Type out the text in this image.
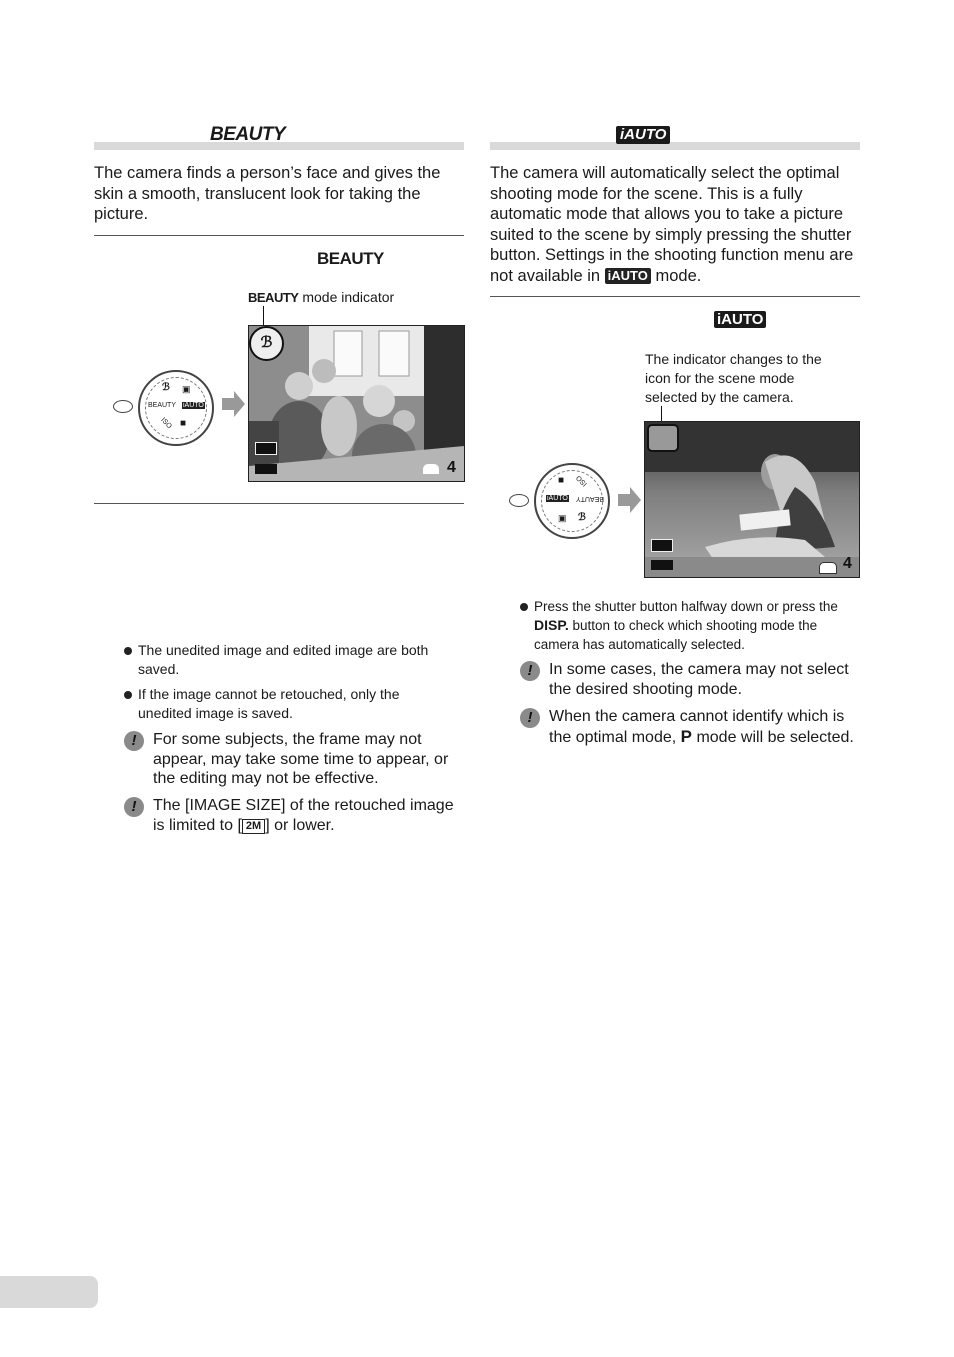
BEAUTY
The camera finds a person’s face and gives the skin a smooth, translucent look for taking the picture.
BEAUTY
BEAUTY mode indicator
BEAUTY iAUTO
ISO ■
ℬ ▣
ℬ
4
The unedited image and edited image are both saved.
If the image cannot be retouched, only the unedited image is saved.
!	For some subjects, the frame may not appear, may take some time to appear, or the editing may not be effective.
!	The [IMAGE SIZE] of the retouched image is limited to [ 2M ] or lower.
iAUTO
The camera will automatically select the optimal shooting mode for the scene. This is a fully automatic mode that allows you to take a picture suited to the scene by simply pressing the shutter button. Settings in the shooting function menu are not available in iAUTO mode.
iAUTO
The indicator changes to the icon for the scene mode selected by the camera.
iAUTO BEAUTY
ISO
■
ℬ
▣
4
Press the shutter button halfway down or press the DISP. button to check which shooting mode the camera has automatically selected.
!	In some cases, the camera may not select the desired shooting mode.
!	When the camera cannot identify which is the optimal mode, P mode will be selected.
